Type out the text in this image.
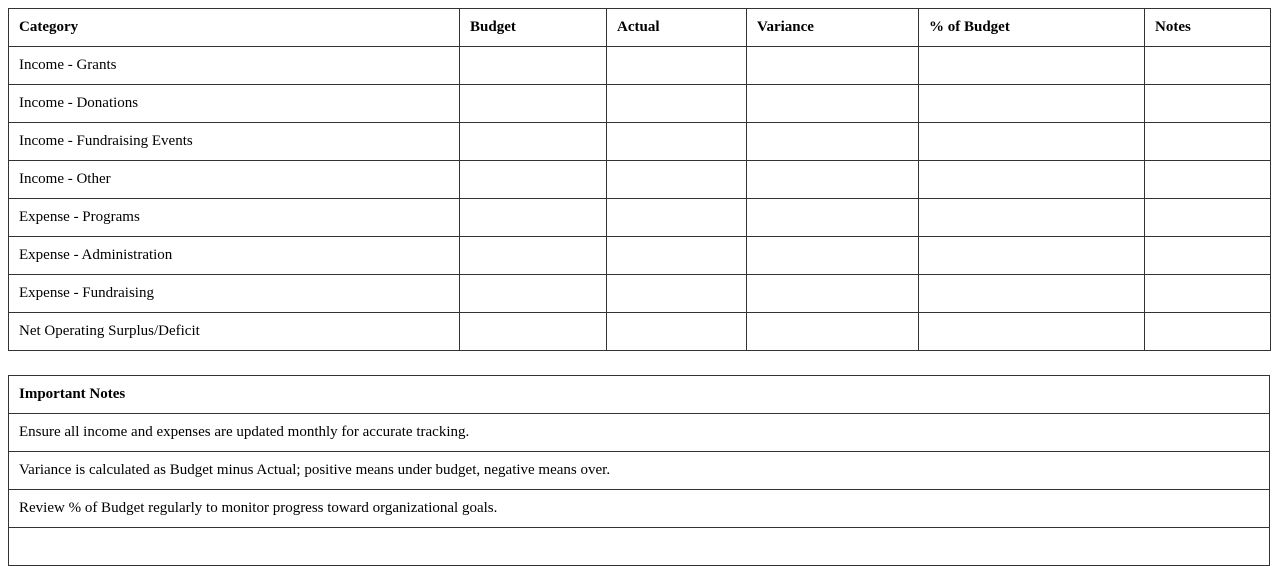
Category	Budget	Actual	Variance	% of Budget	Notes
Income - Grants					
Income - Donations					
Income - Fundraising Events					
Income - Other					
Expense - Programs					
Expense - Administration					
Expense - Fundraising					
Net Operating Surplus/Deficit					
Important Notes
Ensure all income and expenses are updated monthly for accurate tracking.
Variance is calculated as Budget minus Actual; positive means under budget, negative means over.
Review % of Budget regularly to monitor progress toward organizational goals.
